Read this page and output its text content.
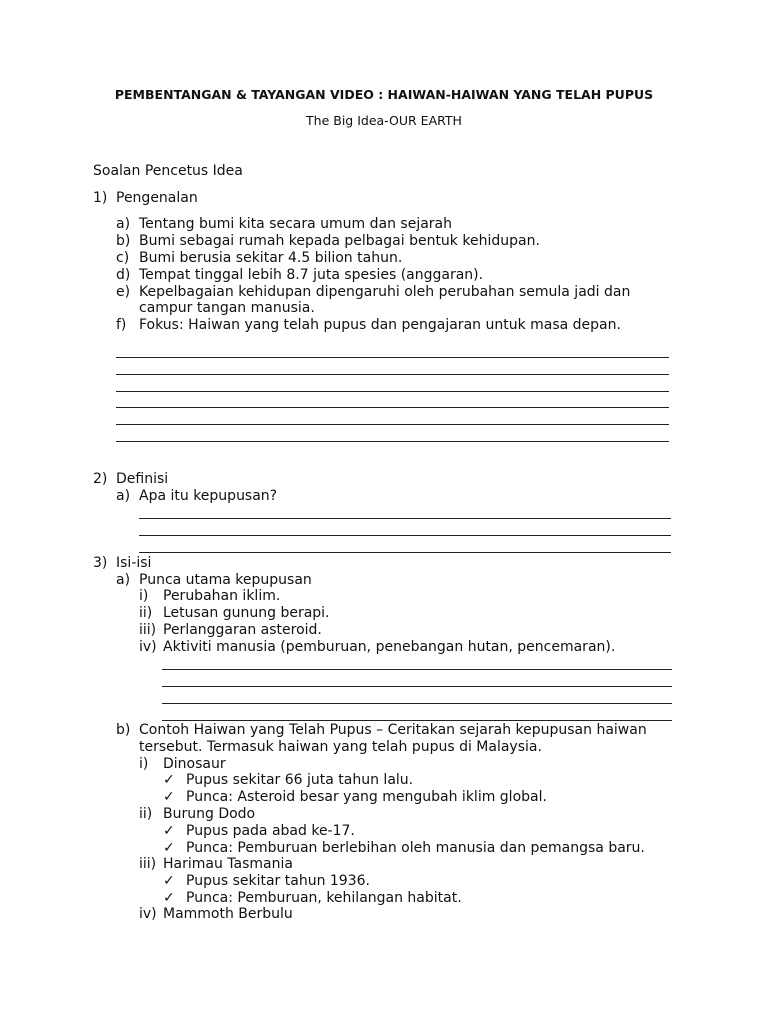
PEMBENTANGAN & TAYANGAN VIDEO : HAIWAN-HAIWAN YANG TELAH PUPUS
The Big Idea-OUR EARTH
Soalan Pencetus Idea
1) Pengenalan
a) Tentang bumi kita secara umum dan sejarah
b) Bumi sebagai rumah kepada pelbagai bentuk kehidupan.
c) Bumi berusia sekitar 4.5 bilion tahun.
d) Tempat tinggal lebih 8.7 juta spesies (anggaran).
e) Kepelbagaian kehidupan dipengaruhi oleh perubahan semula jadi dan
campur tangan manusia.
f) Fokus: Haiwan yang telah pupus dan pengajaran untuk masa depan.
2) Definisi
a) Apa itu kepupusan?
3) Isi-isi
a) Punca utama kepupusan
i) Perubahan iklim.
ii) Letusan gunung berapi.
iii) Perlanggaran asteroid.
iv) Aktiviti manusia (pemburuan, penebangan hutan, pencemaran).
b) Contoh Haiwan yang Telah Pupus – Ceritakan sejarah kepupusan haiwan
tersebut. Termasuk haiwan yang telah pupus di Malaysia.
i) Dinosaur
✓ Pupus sekitar 66 juta tahun lalu.
✓ Punca: Asteroid besar yang mengubah iklim global.
ii) Burung Dodo
✓ Pupus pada abad ke-17.
✓ Punca: Pemburuan berlebihan oleh manusia dan pemangsa baru.
iii) Harimau Tasmania
✓ Pupus sekitar tahun 1936.
✓ Punca: Pemburuan, kehilangan habitat.
iv) Mammoth Berbulu
